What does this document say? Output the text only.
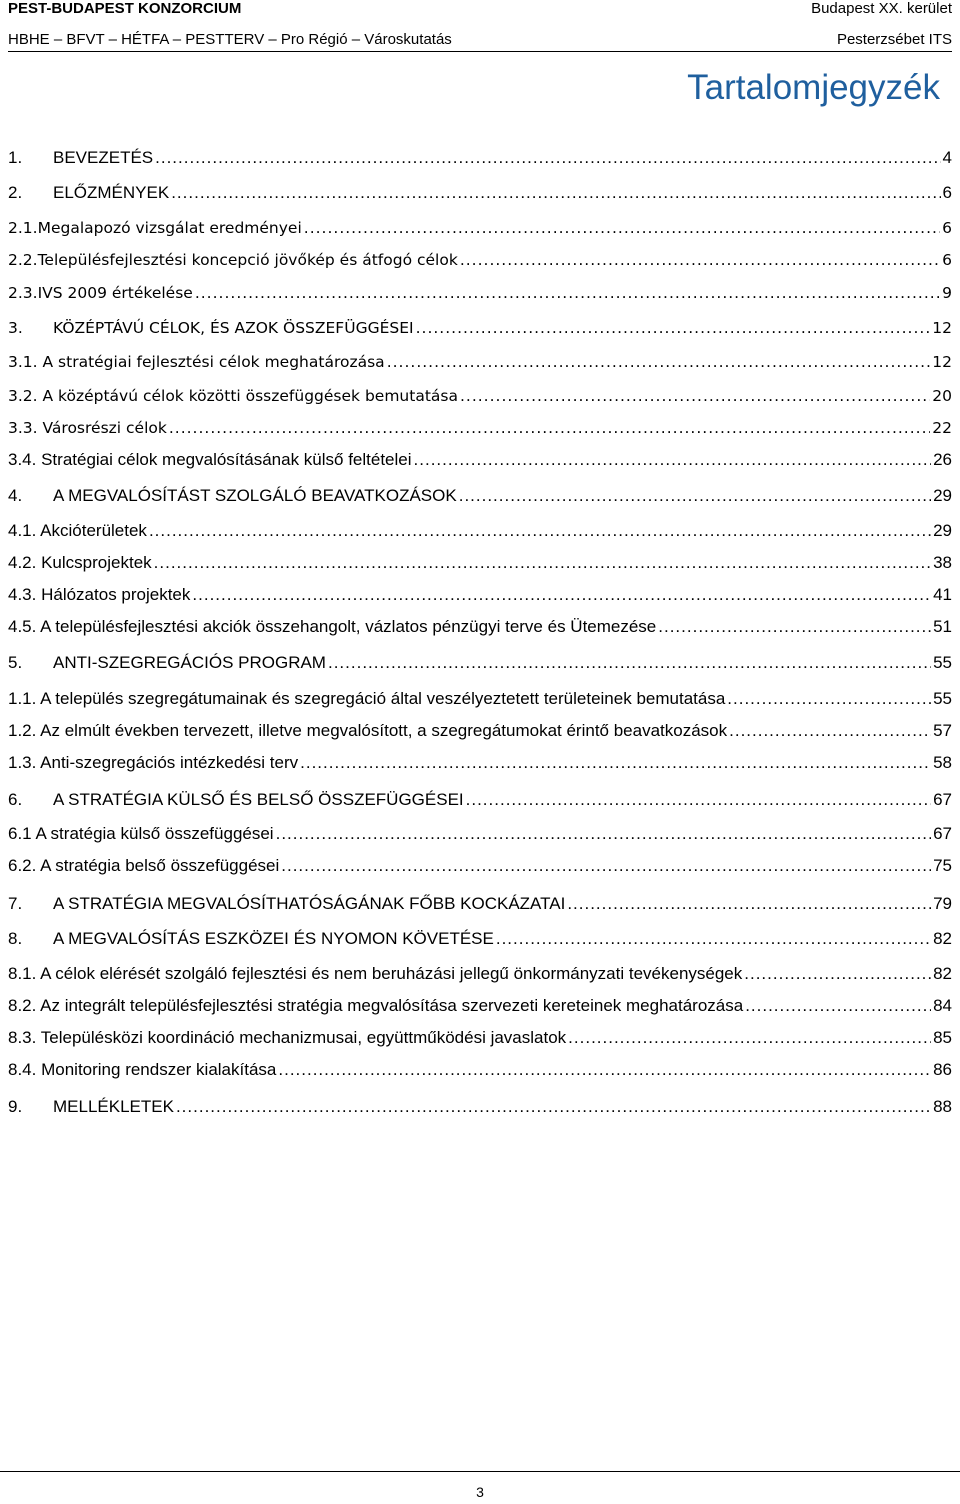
PEST-BUDAPEST KONZORCIUM	Budapest XX. kerület
HBHE – BFVT – HÉTFA – PESTTERV – Pro Régió – Városkutatás	Pesterzsébet ITS
Tartalomjegyzék
1. BEVEZETÉS .....	4
2. ELŐZMÉNYEK .....	6
2.1.Megalapozó vizsgálat eredményei .....	6
2.2.Településfejlesztési koncepció jövőkép és átfogó célok .....	6
2.3.IVS 2009 értékelése .....	9
3. KÖZÉPTÁVÚ CÉLOK, ÉS AZOK ÖSSZEFÜGGÉSEI .....	12
3.1. A stratégiai fejlesztési célok meghatározása .....	12
3.2. A középtávú célok közötti összefüggések bemutatása .....	20
3.3. Városrészi célok .....	22
3.4. Stratégiai célok megvalósításának külső feltételei .....	26
4. A MEGVALÓSÍTÁST SZOLGÁLÓ BEAVATKOZÁSOK .....	29
4.1. Akcióterületek .....	29
4.2. Kulcsprojektek .....	38
4.3. Hálózatos projektek .....	41
4.5. A településfejlesztési akciók összehangolt, vázlatos pénzügyi terve és Ütemezése .....	51
5. ANTI-SZEGREGÁCIÓS PROGRAM .....	55
1.1. A település szegregátumainak és szegregáció által veszélyeztetett területeinek bemutatása .....	55
1.2. Az elmúlt években tervezett, illetve megvalósított, a szegregátumokat érintő beavatkozások .....	57
1.3. Anti-szegregációs intézkedési terv .....	58
6. A STRATÉGIA KÜLSŐ ÉS BELSŐ ÖSSZEFÜGGÉSEI .....	67
6.1 A stratégia külső összefüggései .....	67
6.2. A stratégia belső összefüggései .....	75
7. A STRATÉGIA MEGVALÓSÍTHATÓSÁGÁNAK FŐBB KOCKÁZATAI .....	79
8. A MEGVALÓSÍTÁS ESZKÖZEI ÉS NYOMON KÖVETÉSE .....	82
8.1. A célok elérését szolgáló fejlesztési és nem beruházási jellegű önkormányzati tevékenységek .....	82
8.2. Az integrált településfejlesztési stratégia megvalósítása szervezeti kereteinek meghatározása .....	84
8.3. Településközi koordináció mechanizmusai, együttműködési javaslatok .....	85
8.4. Monitoring rendszer kialakítása .....	86
9. MELLÉKLETEK .....	88
3
